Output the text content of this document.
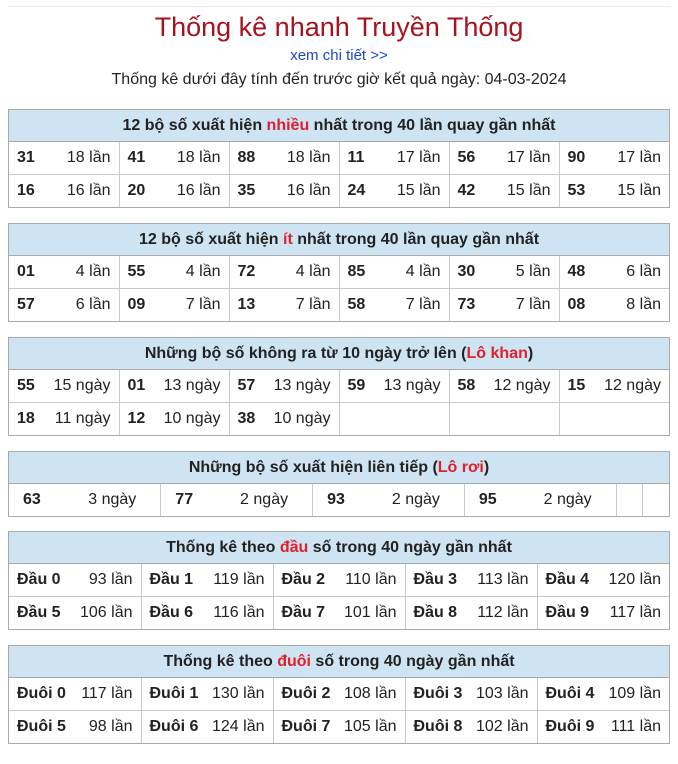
Thống kê nhanh Truyền Thống
xem chi tiết >>
Thống kê dưới đây tính đến trước giờ kết quả ngày: 04-03-2024
12 bộ số xuất hiện nhiều nhất trong 40 lần quay gần nhất
31 18 lần	41 18 lần	88 18 lần	11 17 lần	56 17 lần	90 17 lần

16 16 lần	20 16 lần	35 16 lần	24 15 lần	42 15 lần	53 15 lần
12 bộ số xuất hiện ít nhất trong 40 lần quay gần nhất
01 4 lần	55 4 lần	72 4 lần	85 4 lần	30 5 lần	48 6 lần

57 6 lần	09 7 lần	13 7 lần	58 7 lần	73 7 lần	08 8 lần
Những bộ số không ra từ 10 ngày trở lên (Lô khan)
55 15 ngày	01 13 ngày	57 13 ngày	59 13 ngày	58 12 ngày	15 12 ngày

18 11 ngày	12 10 ngày	38 10 ngày			

Những bộ số xuất hiện liên tiếp (Lô rơi)
63	3 ngày	77	2 ngày	93	2 ngày	95	2 ngày

Thống kê theo đầu số trong 40 ngày gần nhất
Đầu 0 93 lần	Đầu 1 119 lần	Đầu 2 110 lần	Đầu 3 113 lần	Đầu 4 120 lần

Đầu 5 106 lần	Đầu 6 116 lần	Đầu 7 101 lần	Đầu 8 112 lần	Đầu 9 117 lần
Thống kê theo đuôi số trong 40 ngày gần nhất
Đuôi 0 117 lần	Đuôi 1 130 lần	Đuôi 2 108 lần	Đuôi 3 103 lần	Đuôi 4 109 lần

Đuôi 5 98 lần	Đuôi 6 124 lần	Đuôi 7 105 lần	Đuôi 8 102 lần	Đuôi 9 111 lần
